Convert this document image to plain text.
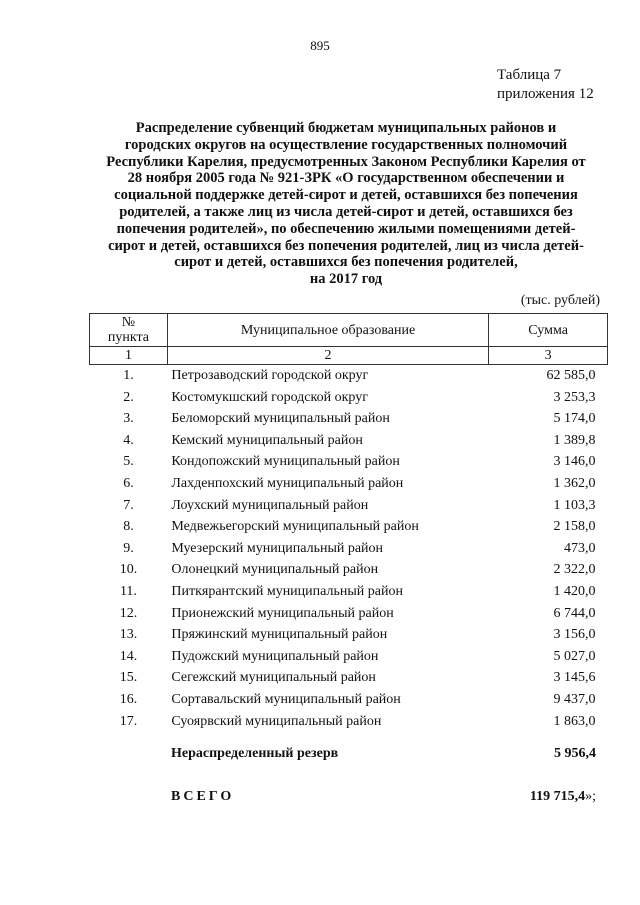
895
Таблица 7
приложения 12
Распределение субвенций бюджетам муниципальных районов и
городских округов на осуществление государственных полномочий
Республики Карелия, предусмотренных Законом Республики Карелия от
28 ноября 2005 года № 921-ЗРК «О государственном обеспечении и
социальной поддержке детей-сирот и детей, оставшихся без попечения
родителей, а также лиц из числа детей-сирот и детей, оставшихся без
попечения родителей», по обеспечению жилыми помещениями детей-
сирот и детей, оставшихся без попечения родителей, лиц из числа детей-
сирот и детей, оставшихся без попечения родителей,
на 2017 год
(тыс. рублей)
№
пункта	Муниципальное образование	Сумма
1	2	3
1.	Петрозаводский городской округ	62 585,0
2.	Костомукшский городской округ	3 253,3
3.	Беломорский муниципальный район	5 174,0
4.	Кемский муниципальный район	1 389,8
5.	Кондопожский муниципальный район	3 146,0
6.	Лахденпохский муниципальный район	1 362,0
7.	Лоухский муниципальный район	1 103,3
8.	Медвежьегорский муниципальный район	2 158,0
9.	Муезерский муниципальный район	473,0
10.	Олонецкий муниципальный район	2 322,0
11.	Питкярантский муниципальный район	1 420,0
12.	Прионежский муниципальный район	6 744,0
13.	Пряжинский муниципальный район	3 156,0
14.	Пудожский муниципальный район	5 027,0
15.	Сегежский муниципальный район	3 145,6
16.	Сортавальский муниципальный район	9 437,0
17.	Суоярвский муниципальный район	1 863,0
Нераспределенный резерв	5 956,4
ВСЕГО	119 715,4»;
